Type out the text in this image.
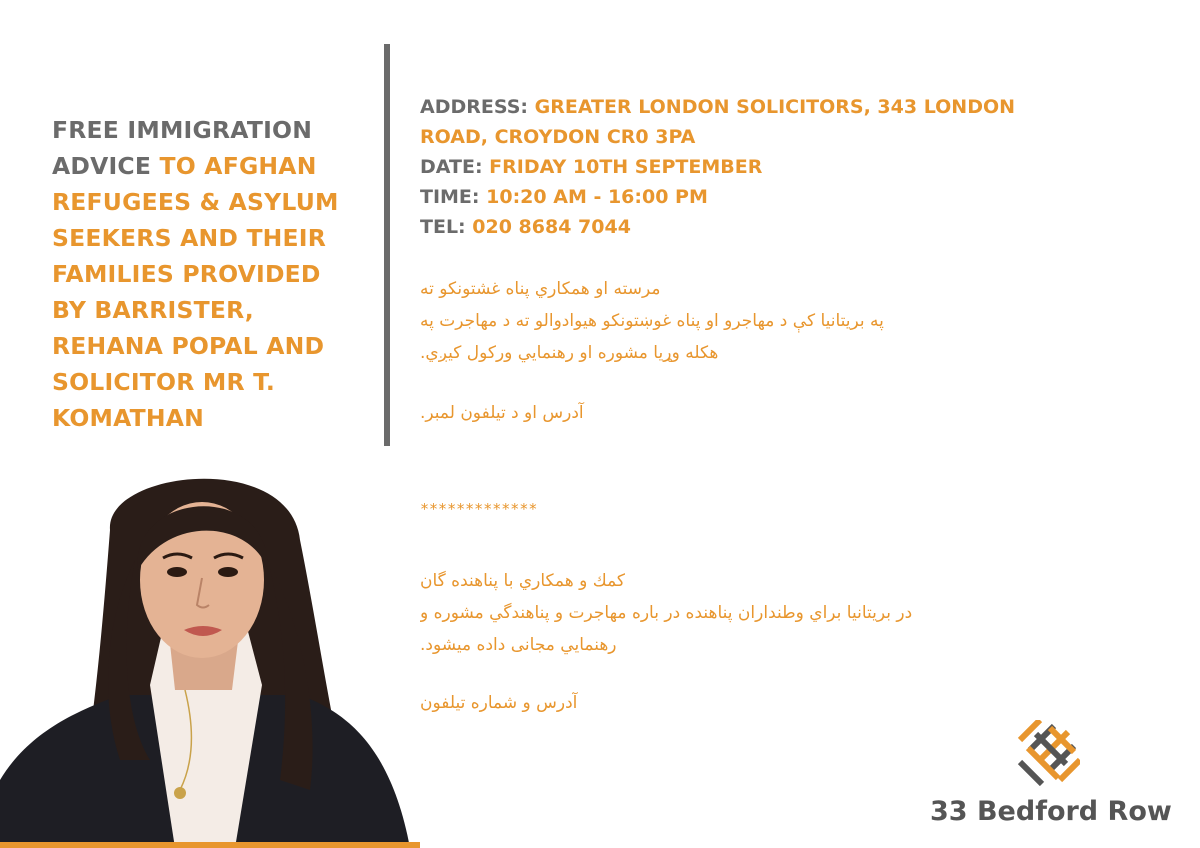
FREE IMMIGRATION ADVICE TO AFGHAN REFUGEES & ASYLUM SEEKERS AND THEIR FAMILIES PROVIDED BY BARRISTER, REHANA POPAL AND SOLICITOR MR T. KOMATHAN
ADDRESS: GREATER LONDON SOLICITORS, 343 LONDON ROAD, CROYDON CR0 3PA
DATE: FRIDAY 10TH SEPTEMBER
TIME: 10:20 AM - 16:00 PM
TEL: 020 8684 7044

مرسته او همکاري پناه غشتونکو ته

په بریتانیا کې د مهاجرو او پناه غوښتونکو هیوادوالو ته د مهاجرت په

هکله وړیا مشوره او رهنمایي ورکول کیږي.

آدرس او د تیلفون لمبر.

*************

کمك و همکاري با پناهنده گان

در بریتانیا براي وطنداران پناهنده در باره مهاجرت و پناهندگي مشوره و

رهنمايي مجانی داده میشود.

آدرس و شماره تیلفون

33 Bedford Row
